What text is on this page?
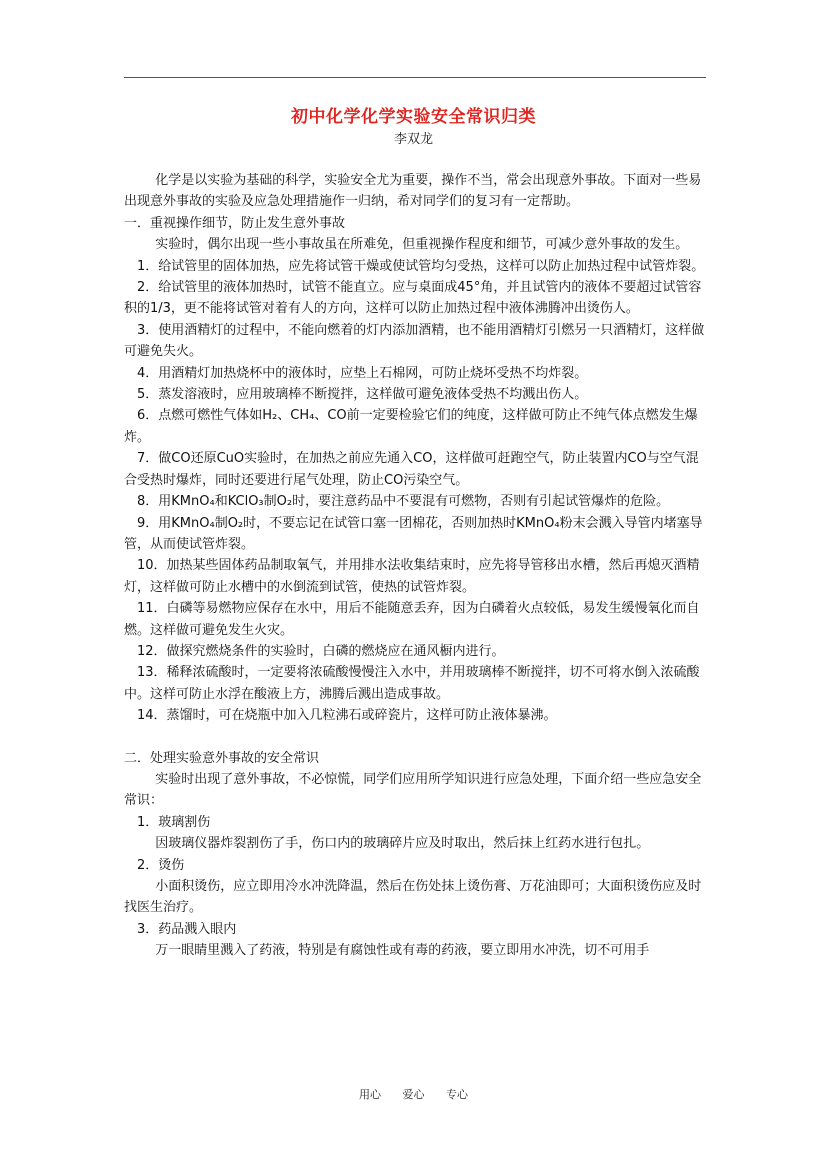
初中化学化学实验安全常识归类
李双龙

化学是以实验为基础的科学，实验安全尤为重要，操作不当，常会出现意外事故。下面对一些易出现意外事故的实验及应急处理措施作一归纳，希对同学们的复习有一定帮助。

一．重视操作细节，防止发生意外事故

实验时，偶尔出现一些小事故虽在所难免，但重视操作程度和细节，可减少意外事故的发生。

1．给试管里的固体加热，应先将试管干燥或使试管均匀受热，这样可以防止加热过程中试管炸裂。

2．给试管里的液体加热时，试管不能直立。应与桌面成45°角，并且试管内的液体不要超过试管容积的1/3，更不能将试管对着有人的方向，这样可以防止加热过程中液体沸腾冲出烫伤人。

3．使用酒精灯的过程中，不能向燃着的灯内添加酒精，也不能用酒精灯引燃另一只酒精灯，这样做可避免失火。

4．用酒精灯加热烧杯中的液体时，应垫上石棉网，可防止烧坏受热不均炸裂。

5．蒸发溶液时，应用玻璃棒不断搅拌，这样做可避免液体受热不均溅出伤人。

6．点燃可燃性气体如H₂、CH₄、CO前一定要检验它们的纯度，这样做可防止不纯气体点燃发生爆炸。

7．做CO还原CuO实验时，在加热之前应先通入CO，这样做可赶跑空气，防止装置内CO与空气混合受热时爆炸，同时还要进行尾气处理，防止CO污染空气。

8．用KMnO₄和KClO₃制O₂时，要注意药品中不要混有可燃物，否则有引起试管爆炸的危险。

9．用KMnO₄制O₂时，不要忘记在试管口塞一团棉花，否则加热时KMnO₄粉末会溅入导管内堵塞导管，从而使试管炸裂。

10．加热某些固体药品制取氧气，并用排水法收集结束时，应先将导管移出水槽，然后再熄灭酒精灯，这样做可防止水槽中的水倒流到试管，使热的试管炸裂。

11．白磷等易燃物应保存在水中，用后不能随意丢弃，因为白磷着火点较低，易发生缓慢氧化而自燃。这样做可避免发生火灾。

12．做探究燃烧条件的实验时，白磷的燃烧应在通风橱内进行。

13．稀释浓硫酸时，一定要将浓硫酸慢慢注入水中，并用玻璃棒不断搅拌，切不可将水倒入浓硫酸中。这样可防止水浮在酸液上方，沸腾后溅出造成事故。

14．蒸馏时，可在烧瓶中加入几粒沸石或碎瓷片，这样可防止液体暴沸。

二．处理实验意外事故的安全常识

实验时出现了意外事故，不必惊慌，同学们应用所学知识进行应急处理，下面介绍一些应急安全常识：

1．玻璃割伤

因玻璃仪器炸裂割伤了手，伤口内的玻璃碎片应及时取出，然后抹上红药水进行包扎。

2．烫伤

小面积烫伤，应立即用冷水冲洗降温，然后在伤处抹上烫伤膏、万花油即可；大面积烫伤应及时找医生治疗。

3．药品溅入眼内

万一眼睛里溅入了药液，特别是有腐蚀性或有毒的药液，要立即用水冲洗，切不可用手

用心 爱心 专心
